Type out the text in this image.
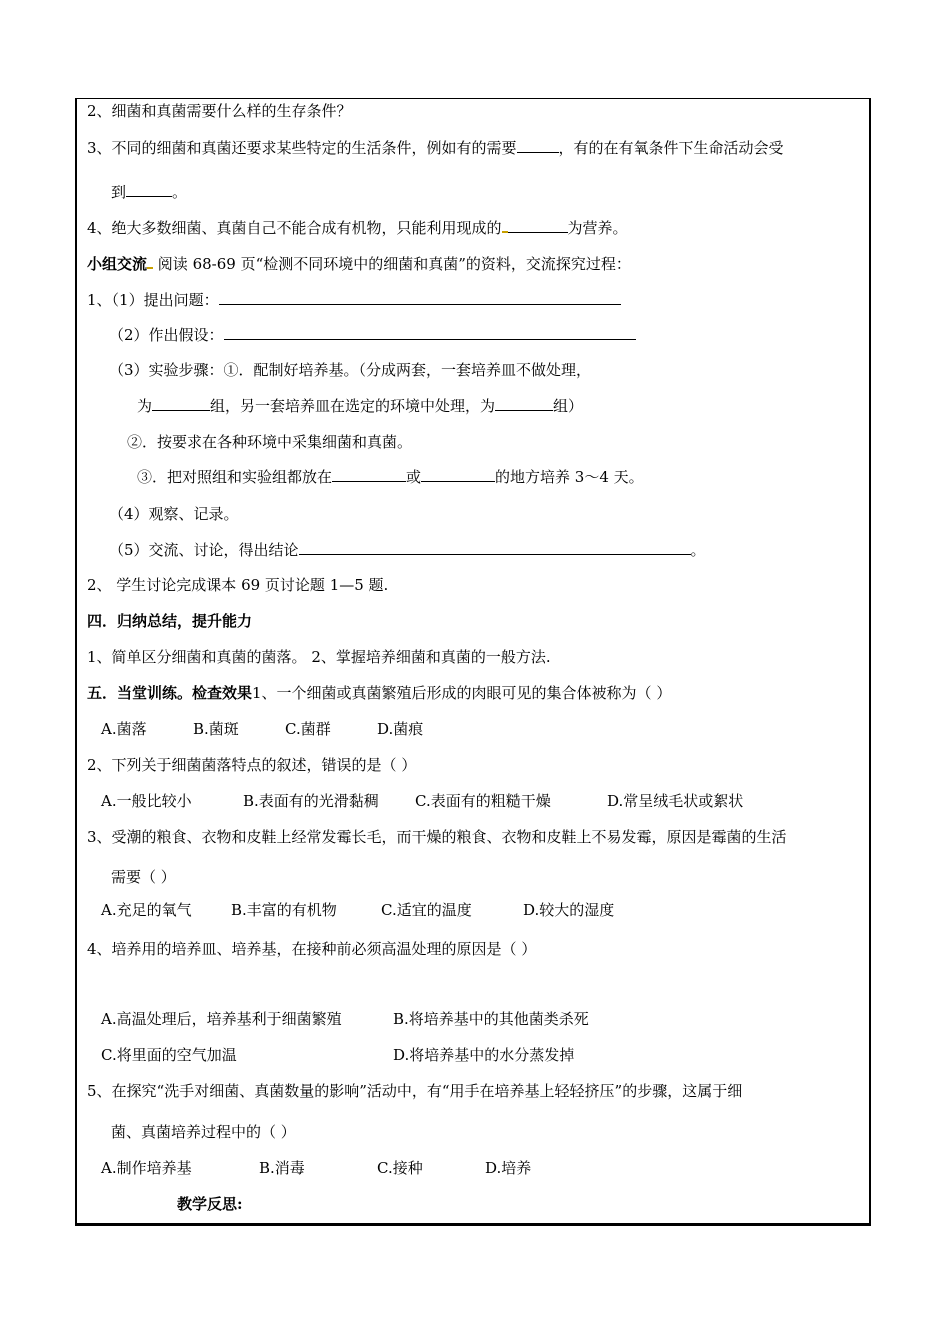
2、细菌和真菌需要什么样的生存条件？
3、不同的细菌和真菌还要求某些特定的生活条件，例如有的需要	，有的在有氧条件下生命活动会受
到	。
4、绝大多数细菌、真菌自己不能合成有机物，只能利用现成的	为营养。
小组交流 阅读 68-69 页“检测不同环境中的细菌和真菌”的资料，交流探究过程：
1、（1）提出问题：
（2）作出假设：
（3）实验步骤：①．配制好培养基。（分成两套，一套培养皿不做处理，
为	组，另一套培养皿在选定的环境中处理，为	组）
②．按要求在各种环境中采集细菌和真菌。
③．把对照组和实验组都放在	或	的地方培养 3～4 天。
（4）观察、记录。
（5）交流、讨论，得出结论	。
2、 学生讨论完成课本 69 页讨论题 1—5 题.
四．归纳总结，提升能力
1、简单区分细菌和真菌的菌落。 2、掌握培养细菌和真菌的一般方法.
五．当堂训练。检查效果1、一个细菌或真菌繁殖后形成的肉眼可见的集合体被称为（ ）
A.菌落	B.菌斑	C.菌群	D.菌痕
2、下列关于细菌菌落特点的叙述，错误的是（ ）
A.一般比较小	B.表面有的光滑黏稠 C.表面有的粗糙干燥	D.常呈绒毛状或絮状
3、受潮的粮食、衣物和皮鞋上经常发霉长毛，而干燥的粮食、衣物和皮鞋上不易发霉，原因是霉菌的生活
需要（ ）
A.充足的氧气	B.丰富的有机物	C.适宜的温度	D.较大的湿度
4、培养用的培养皿、培养基，在接种前必须高温处理的原因是（ ）
A.高温处理后，培养基利于细菌繁殖	B.将培养基中的其他菌类杀死
C.将里面的空气加温	D.将培养基中的水分蒸发掉
5、在探究“洗手对细菌、真菌数量的影响”活动中，有“用手在培养基上轻轻挤压”的步骤，这属于细
菌、真菌培养过程中的（ ）
A.制作培养基	B.消毒	C.接种	D.培养
教学反思:
